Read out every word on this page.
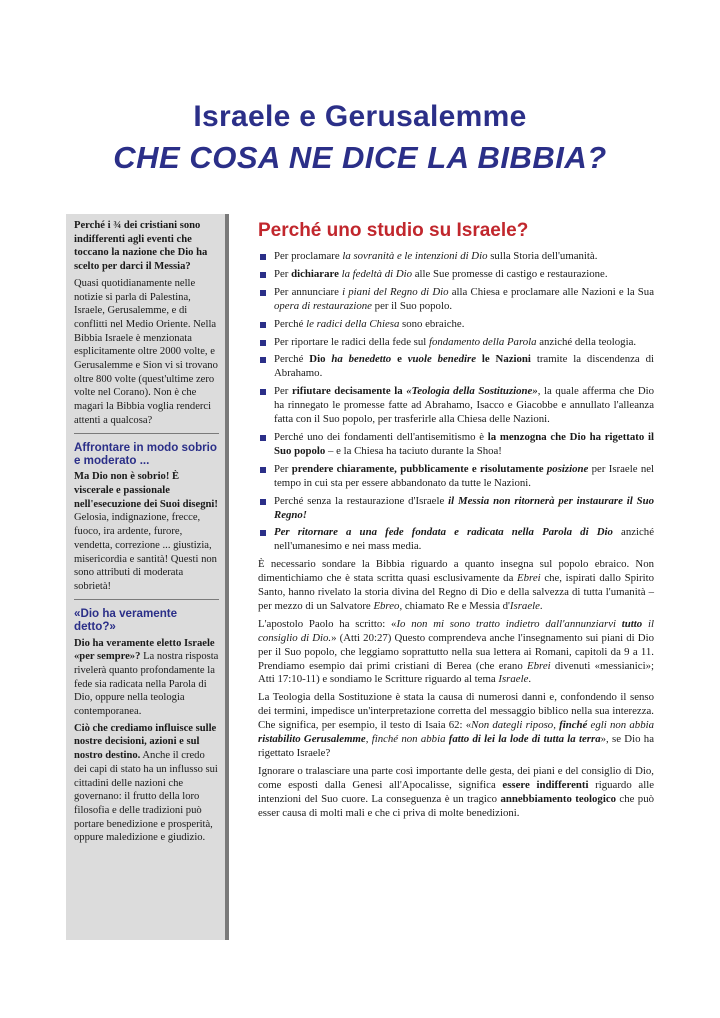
Israele e Gerusalemme
CHE COSA NE DICE LA BIBBIA?

Perché i ¾ dei cristiani sono indifferenti agli eventi che toccano la nazione che Dio ha scelto per darci il Messia?

Quasi quotidianamente nelle notizie si parla di Palestina, Israele, Gerusalemme, e di conflitti nel Medio Oriente. Nella Bibbia Israele è menzionata esplicitamente oltre 2000 volte, e Gerusalemme e Sion vi si trovano oltre 800 volte (quest'ultime zero volte nel Corano). Non è che magari la Bibbia voglia renderci attenti a qualcosa?

Affrontare in modo sobrio e moderato ...

Ma Dio non è sobrio! È viscerale e passionale nell'esecuzione dei Suoi disegni!

Gelosia, indignazione, frecce, fuoco, ira ardente, furore, vendetta, correzione ... giustizia, misericordia e santità! Questi non sono attributi di moderata sobrietà!

«Dio ha veramente detto?»

Dio ha veramente eletto Israele «per sempre»? La nostra risposta rivelerà quanto profondamente la fede sia radicata nella Parola di Dio, oppure nella teologia contemporanea.

Ciò che crediamo influisce sulle nostre decisioni, azioni e sul nostro destino. Anche il credo dei capi di stato ha un influsso sui cittadini delle nazioni che governano: il frutto della loro filosofia e delle tradizioni può portare benedizione e prosperità, oppure maledizione e giudizio.

Perché uno studio su Israele?
Per proclamare la sovranità e le intenzioni di Dio sulla Storia dell'umanità.
Per dichiarare la fedeltà di Dio alle Sue promesse di castigo e restaurazione.
Per annunciare i piani del Regno di Dio alla Chiesa e proclamare alle Nazioni e la Sua opera di restaurazione per il Suo popolo.
Perché le radici della Chiesa sono ebraiche.
Per riportare le radici della fede sul fondamento della Parola anziché della teologia.
Perché Dio ha benedetto e vuole benedire le Nazioni tramite la discendenza di Abrahamo.
Per rifiutare decisamente la «Teologia della Sostituzione», la quale afferma che Dio ha rinnegato le promesse fatte ad Abrahamo, Isacco e Giacobbe e annullato l'alleanza fatta con il Suo popolo, per trasferirle alla Chiesa delle Nazioni.
Perché uno dei fondamenti dell'antisemitismo è la menzogna che Dio ha rigettato il Suo popolo – e la Chiesa ha taciuto durante la Shoa!
Per prendere chiaramente, pubblicamente e risolutamente posizione per Israele nel tempo in cui sta per essere abbandonato da tutte le Nazioni.
Perché senza la restaurazione d'Israele il Messia non ritornerà per instaurare il Suo Regno!
Per ritornare a una fede fondata e radicata nella Parola di Dio anziché nell'umanesimo e nei mass media.

È necessario sondare la Bibbia riguardo a quanto insegna sul popolo ebraico. Non dimentichiamo che è stata scritta quasi esclusivamente da Ebrei che, ispirati dallo Spirito Santo, hanno rivelato la storia divina del Regno di Dio e della salvezza di tutta l'umanità – per mezzo di un Salvatore Ebreo, chiamato Re e Messia d'Israele.

L'apostolo Paolo ha scritto: «Io non mi sono tratto indietro dall'annunziarvi tutto il consiglio di Dio.» (Atti 20:27) Questo comprendeva anche l'insegnamento sui piani di Dio per il Suo popolo, che leggiamo soprattutto nella sua lettera ai Romani, capitoli da 9 a 11. Prendiamo esempio dai primi cristiani di Berea (che erano Ebrei divenuti «messianici»; Atti 17:10-11) e sondiamo le Scritture riguardo al tema Israele.

La Teologia della Sostituzione è stata la causa di numerosi danni e, confondendo il senso dei termini, impedisce un'interpretazione corretta del messaggio biblico nella sua interezza. Che significa, per esempio, il testo di Isaia 62: «Non dategli riposo, finché egli non abbia ristabilito Gerusalemme, finché non abbia fatto di lei la lode di tutta la terra», se Dio ha rigettato Israele?

Ignorare o tralasciare una parte così importante delle gesta, dei piani e del consiglio di Dio, come esposti dalla Genesi all'Apocalisse, significa essere indifferenti riguardo alle intenzioni del Suo cuore. La conseguenza è un tragico annebbiamento teologico che può esser causa di molti mali e che ci priva di molte benedizioni.
